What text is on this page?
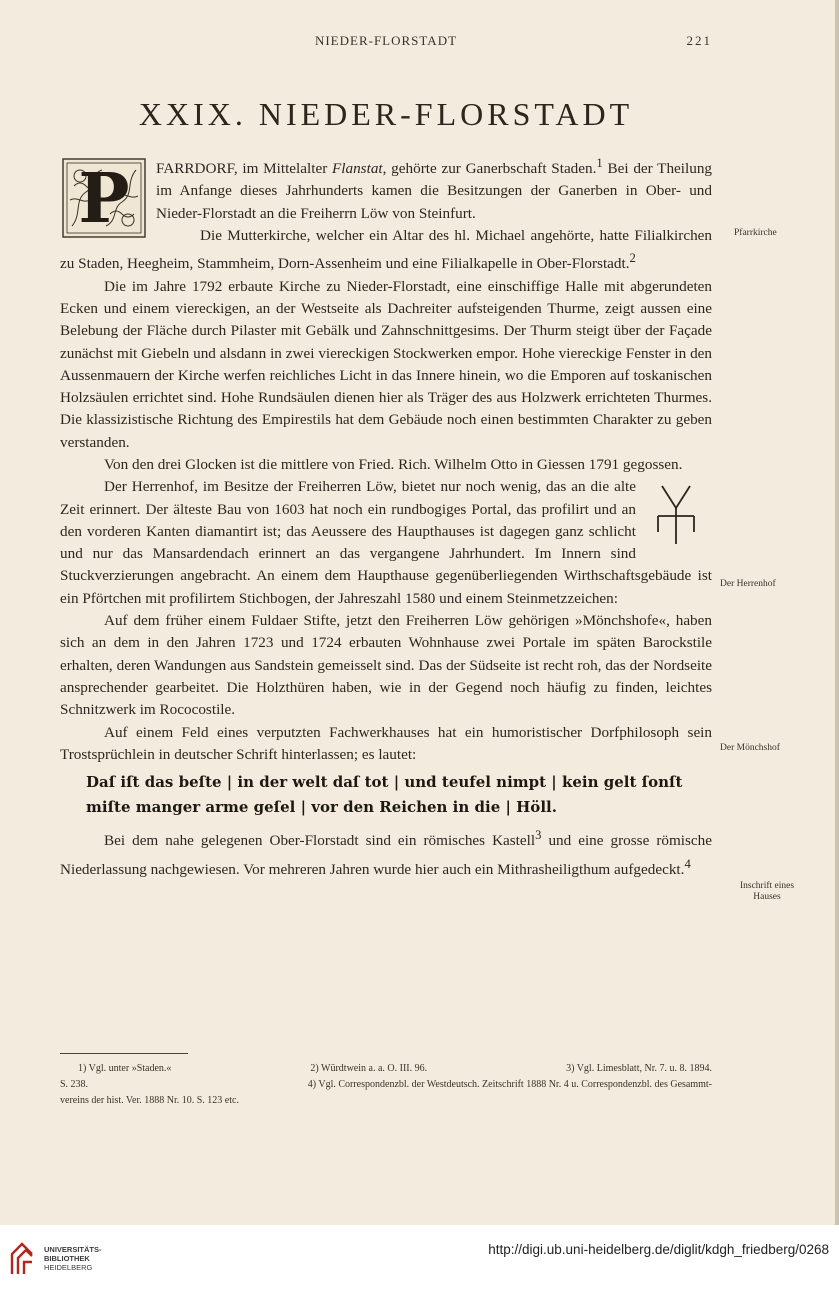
NIEDER-FLORSTADT	221
XXIX. NIEDER-FLORSTADT

P FARRDORF, im Mittelalter Flanstat, gehörte zur Ganerbschaft Staden.$^1$ Bei der Theilung im Anfange dieses Jahrhunderts kamen die Besitzungen der Ganerben in Ober- und Nieder-Florstadt an die Freiherrn Löw von Steinfurt.

Die Mutterkirche, welcher ein Altar des hl. Michael angehörte, hatte Filialkirchen zu Staden, Heegheim, Stammheim, Dorn-Assenheim und eine Filialkapelle in Ober-Florstadt.$^2$

Die im Jahre 1792 erbaute Kirche zu Nieder-Florstadt, eine einschiffige Halle mit abgerundeten Ecken und einem viereckigen, an der Westseite als Dachreiter aufsteigenden Thurme, zeigt aussen eine Belebung der Fläche durch Pilaster mit Gebälk und Zahnschnittgesims. Der Thurm steigt über der Façade zunächst mit Giebeln und alsdann in zwei viereckigen Stockwerken empor. Hohe viereckige Fenster in den Aussenmauern der Kirche werfen reichliches Licht in das Innere hinein, wo die Emporen auf toskanischen Holzsäulen errichtet sind. Hohe Rundsäulen dienen hier als Träger des aus Holzwerk errichteten Thurmes. Die klassizistische Richtung des Empirestils hat dem Gebäude noch einen bestimmten Charakter zu geben verstanden.

Von den drei Glocken ist die mittlere von Fried. Rich. Wilhelm Otto in Giessen 1791 gegossen.

Der Herrenhof, im Besitze der Freiherren Löw, bietet nur noch wenig, das an die alte Zeit erinnert. Der älteste Bau von 1603 hat noch ein rundbogiges Portal, das profilirt und an den vorderen Kanten diamantirt ist; das Aeussere des Haupthauses ist dagegen ganz schlicht und nur das Mansardendach erinnert an das vergangene Jahrhundert. Im Innern sind Stuckverzierungen angebracht. An einem dem Haupthause gegenüberliegenden Wirthschaftsgebäude ist ein Pförtchen mit profilirtem Stichbogen, der Jahreszahl 1580 und einem Steinmetzzeichen:

Auf dem früher einem Fuldaer Stifte, jetzt den Freiherren Löw gehörigen »Mönchshofe«, haben sich an dem in den Jahren 1723 und 1724 erbauten Wohnhause zwei Portale im späten Barockstile erhalten, deren Wandungen aus Sandstein gemeisselt sind. Das der Südseite ist recht roh, das der Nordseite ansprechender gearbeitet. Die Holzthüren haben, wie in der Gegend noch häufig zu finden, leichtes Schnitzwerk im Rococostile.

Auf einem Feld eines verputzten Fachwerkhauses hat ein humoristischer Dorfphilosoph sein Trostsprüchlein in deutscher Schrift hinterlassen; es lautet:

Daſ iſt das beſte | in der welt daſ tot | und teufel nimpt | kein gelt ſonſt
miſte manger arme geſel | vor den Reichen in die | Höll.

Bei dem nahe gelegenen Ober-Florstadt sind ein römisches Kastell$^3$ und eine grosse römische Niederlassung nachgewiesen. Vor mehreren Jahren wurde hier auch ein Mithrasheiligthum aufgedeckt.$^4$

Pfarrkirche
Der Herrenhof
Der Mönchshof
Inschrift eines
Hauses
1) Vgl. unter »Staden.«	2) Würdtwein a. a. O. III. 96.	3) Vgl. Limesblatt, Nr. 7. u. 8. 1894.
S. 238.	4) Vgl. Correspondenzbl. der Westdeutsch. Zeitschrift 1888 Nr. 4 u. Correspondenzbl. des Gesammt-
vereins der hist. Ver. 1888 Nr. 10. S. 123 etc.
UNIVERSITÄTS-
BIBLIOTHEK
HEIDELBERG
http://digi.ub.uni-heidelberg.de/diglit/kdgh_friedberg/0268
